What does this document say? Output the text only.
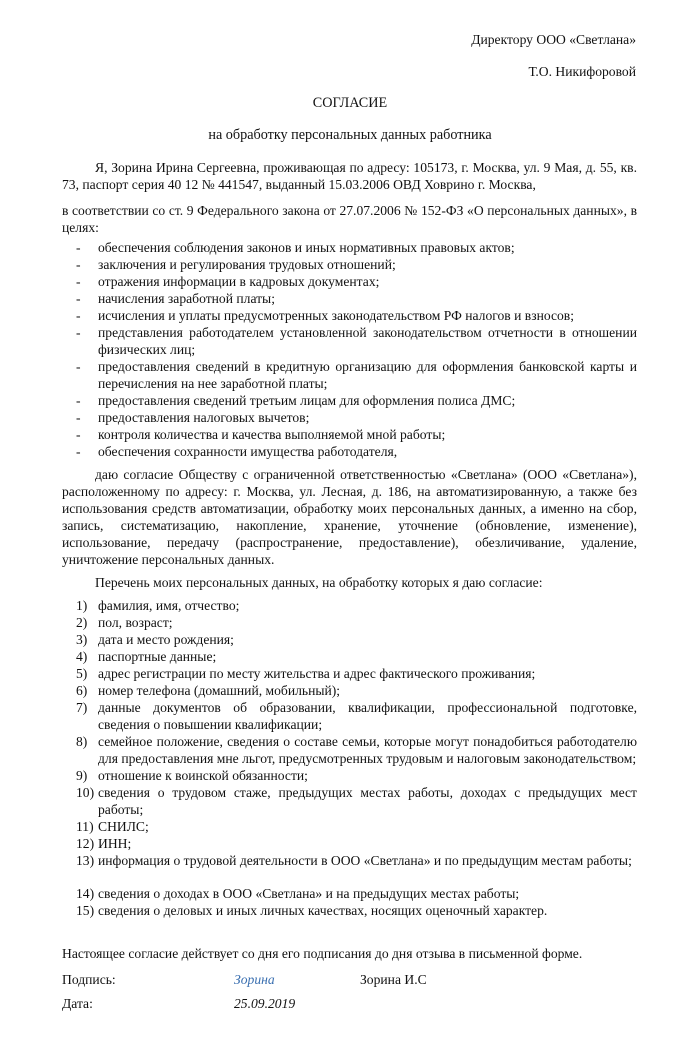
Директору ООО «Светлана»
Т.О. Никифоровой
СОГЛАСИЕ
на обработку персональных данных работника
Я, Зорина Ирина Сергеевна, проживающая по адресу: 105173, г. Москва, ул. 9 Мая, д. 55, кв. 73, паспорт серия 40 12 № 441547, выданный 15.03.2006 ОВД Ховрино г. Москва,
в соответствии со ст. 9 Федерального закона от 27.07.2006 № 152-ФЗ «О персональных данных», в целях:
- обеспечения соблюдения законов и иных нормативных правовых актов;
- заключения и регулирования трудовых отношений;
- отражения информации в кадровых документах;
- начисления заработной платы;
- исчисления и уплаты предусмотренных законодательством РФ налогов и взносов;
- представления работодателем установленной законодательством отчетности в отношении физических лиц;
- предоставления сведений в кредитную организацию для оформления банковской карты и перечисления на нее заработной платы;
- предоставления сведений третьим лицам для оформления полиса ДМС;
- предоставления налоговых вычетов;
- контроля количества и качества выполняемой мной работы;
- обеспечения сохранности имущества работодателя,
даю согласие Обществу с ограниченной ответственностью «Светлана» (ООО «Светлана»), расположенному по адресу: г. Москва, ул. Лесная, д. 186, на автоматизированную, а также без использования средств автоматизации, обработку моих персональных данных, а именно на сбор, запись, систематизацию, накопление, хранение, уточнение (обновление, изменение), использование, передачу (распространение, предоставление), обезличивание, удаление, уничтожение персональных данных.
Перечень моих персональных данных, на обработку которых я даю согласие:
1) фамилия, имя, отчество;
2) пол, возраст;
3) дата и место рождения;
4) паспортные данные;
5) адрес регистрации по месту жительства и адрес фактического проживания;
6) номер телефона (домашний, мобильный);
7) данные документов об образовании, квалификации, профессиональной подготовке, сведения о повышении квалификации;
8) семейное положение, сведения о составе семьи, которые могут понадобиться работодателю для предоставления мне льгот, предусмотренных трудовым и налоговым законодательством;
9) отношение к воинской обязанности;
10) сведения о трудовом стаже, предыдущих местах работы, доходах с предыдущих мест работы;
11) СНИЛС;
12) ИНН;
13) информация о трудовой деятельности в ООО «Светлана» и по предыдущим местам работы;
14) сведения о доходах в ООО «Светлана» и на предыдущих местах работы;
15) сведения о деловых и иных личных качествах, носящих оценочный характер.
Настоящее согласие действует со дня его подписания до дня отзыва в письменной форме.
Подпись:	Зорина	Зорина И.С
Дата:	25.09.2019
